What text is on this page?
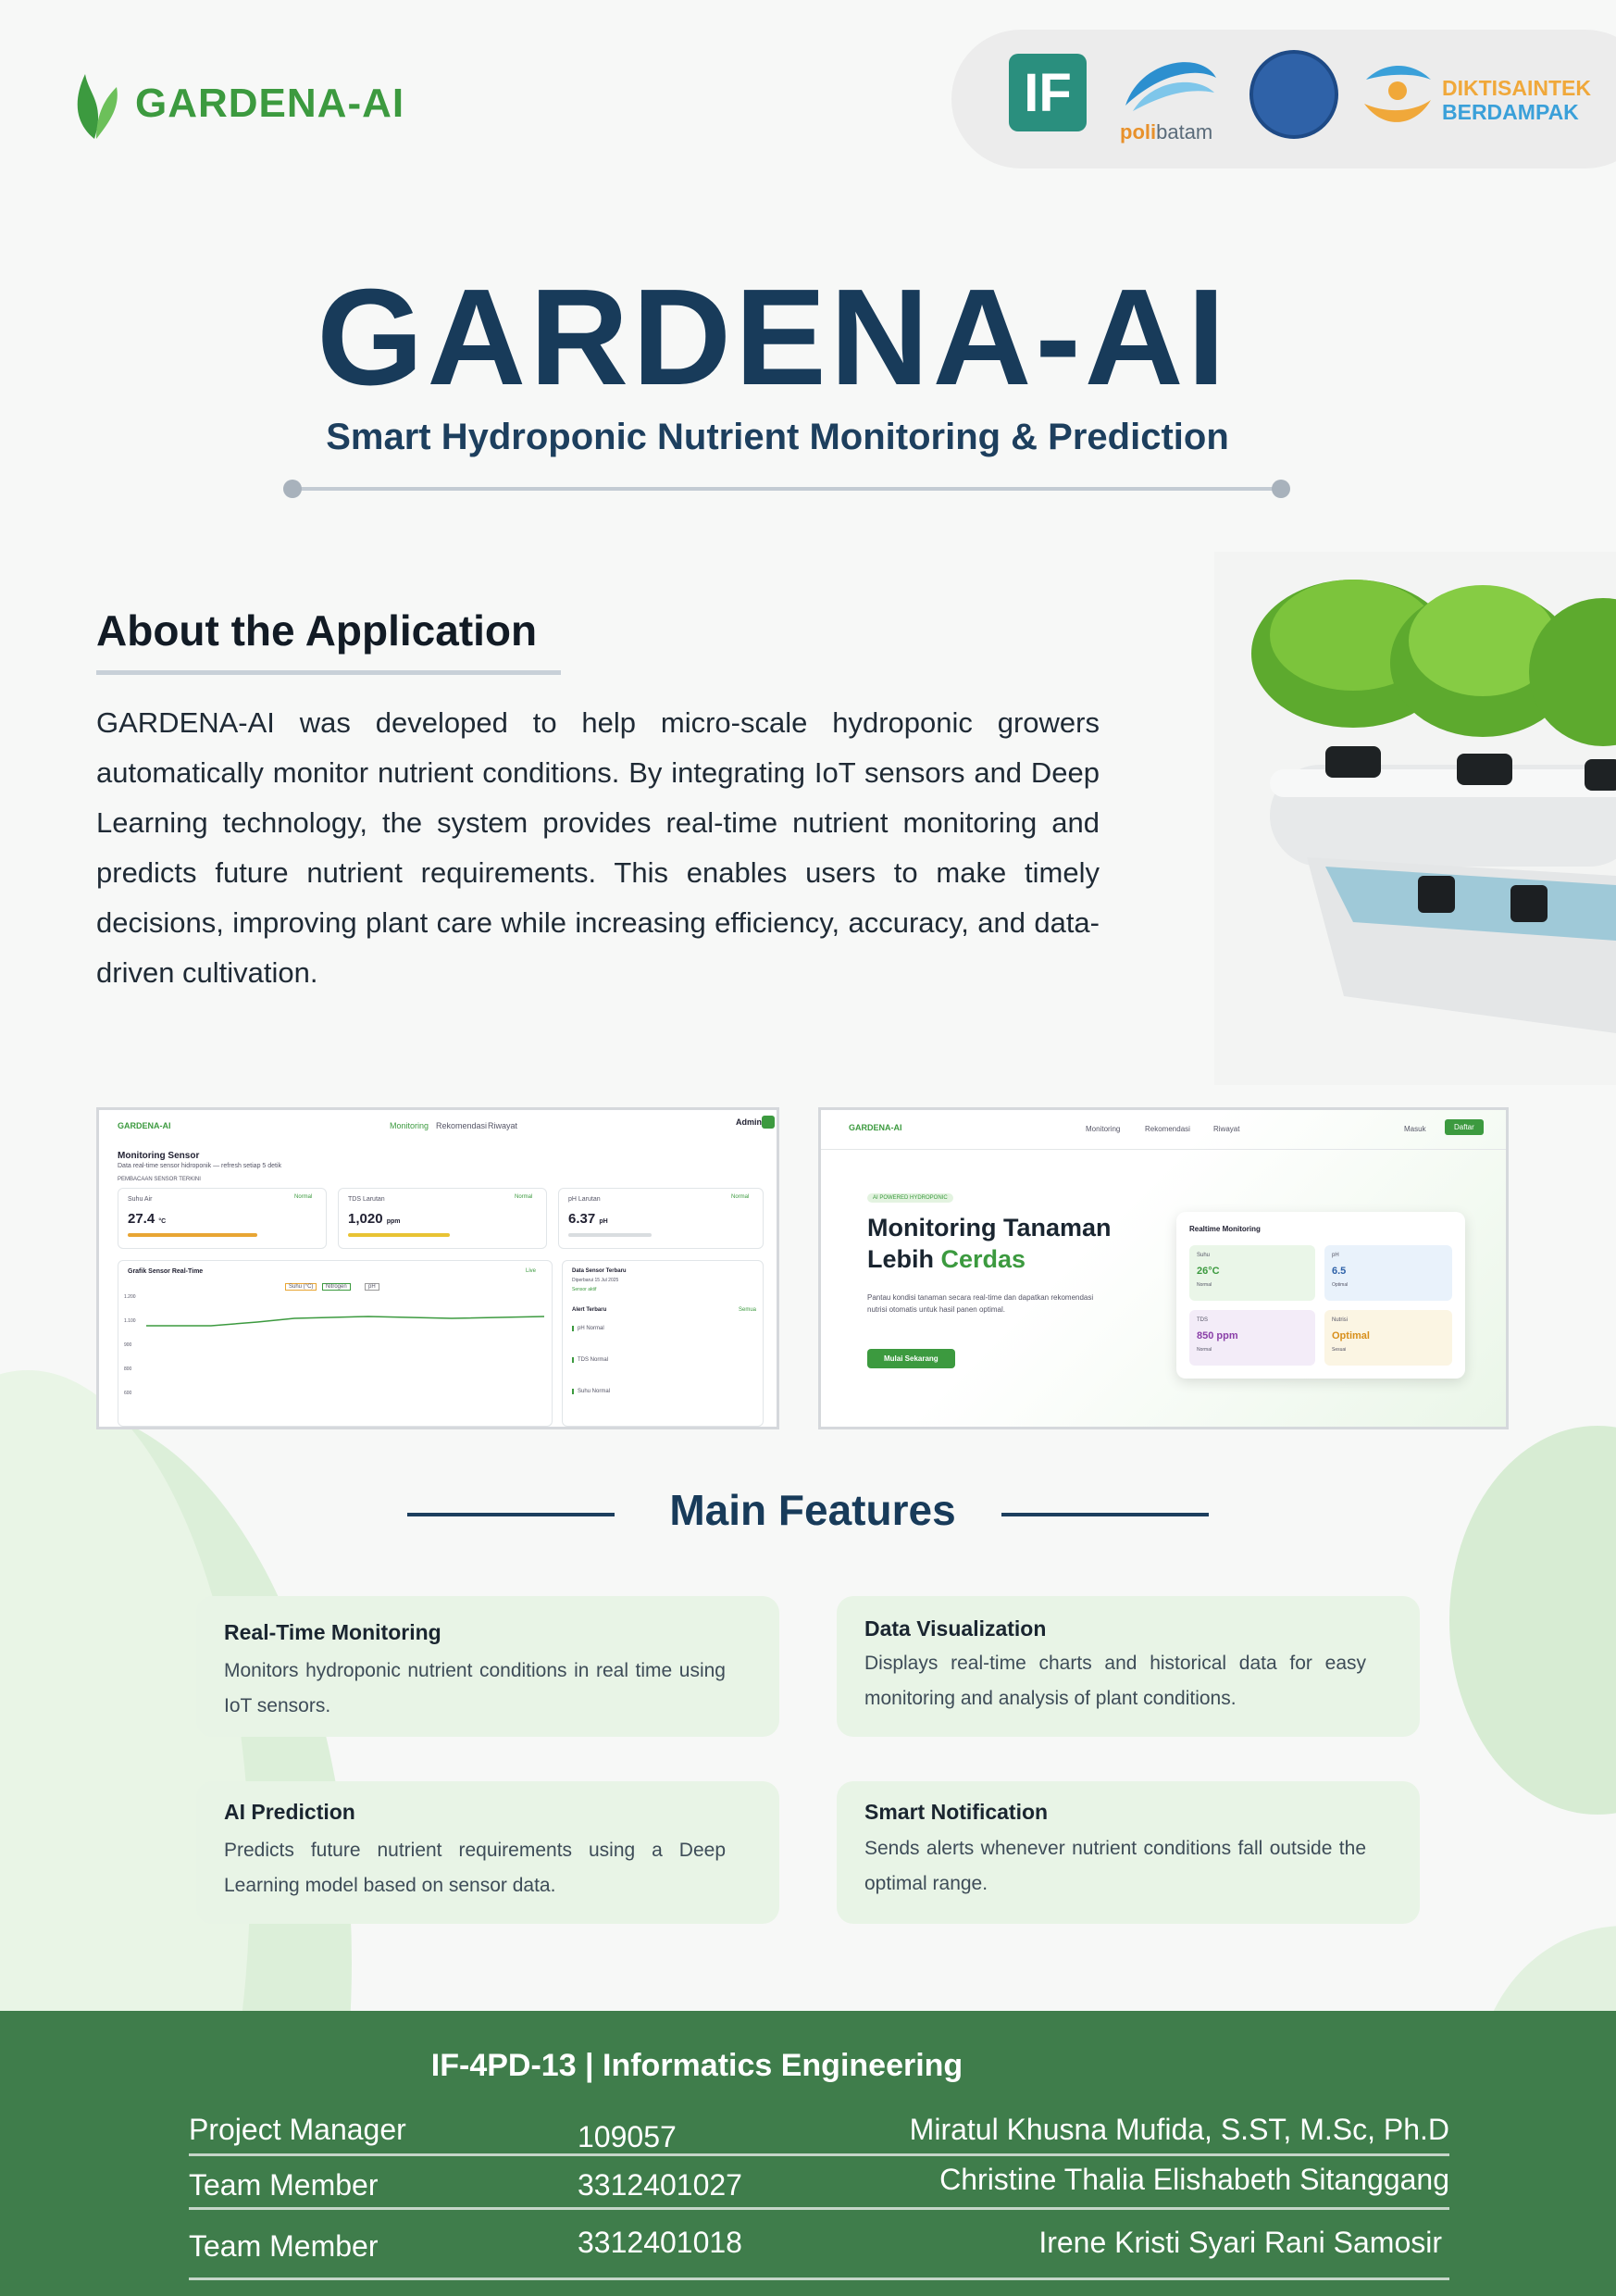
GARDENA-AI	IF
polibatam
DIKTISAINTEK
BERDAMPAK
GARDENA-AI
Smart Hydroponic Nutrient Monitoring & Prediction
About the Application
GARDENA-AI was developed to help micro-scale hydroponic growers automatically monitor nutrient conditions. By integrating IoT sensors and Deep Learning technology, the system provides real-time nutrient monitoring and predicts future nutrient requirements. This enables users to make timely decisions, improving plant care while increasing efficiency, accuracy, and data-driven cultivation.
GARDENA-AI	Monitoring Rekomendasi Riwayat	Admin
Monitoring Sensor
Data real-time sensor hidroponik — refresh setiap 5 detik
PEMBACAAN SENSOR TERKINI
Suhu Air	Normal
27.4 °C
TDS Larutan	Normal
1,020 ppm
pH Larutan	Normal
6.37 pH
Grafik Sensor Real-Time	Live
Suhu (°C)	Nitrogen	pH
1.200
1.100
900
800
600
Data Sensor Terbaru
Diperbarui 15 Jul 2025
Sensor aktif
Alert Terbaru	Semua
pH Normal
TDS Normal
Suhu Normal
GARDENA-AI	Monitoring	Rekomendasi	Riwayat	Masuk	Daftar
AI POWERED HYDROPONIC
Monitoring Tanaman
Lebih Cerdas
Pantau kondisi tanaman secara real-time dan dapatkan rekomendasi nutrisi otomatis untuk hasil panen optimal.
Mulai Sekarang
Realtime Monitoring
Suhu
26°C
Normal
pH
6.5
Optimal
TDS
850 ppm
Normal
Nutrisi
Optimal
Sesuai
Main Features
Real-Time Monitoring
Monitors hydroponic nutrient conditions in real time using IoT sensors.
Data Visualization
Displays real-time charts and historical data for easy monitoring and analysis of plant conditions.
AI Prediction
Predicts future nutrient requirements using a Deep Learning model based on sensor data.
Smart Notification
Sends alerts whenever nutrient conditions fall outside the optimal range.
IF-4PD-13 | Informatics Engineering
Project Manager	109057	Miratul Khusna Mufida, S.ST, M.Sc, Ph.D
Team Member	3312401027	Christine Thalia Elishabeth Sitanggang
Team Member	3312401018	Irene Kristi Syari Rani Samosir
